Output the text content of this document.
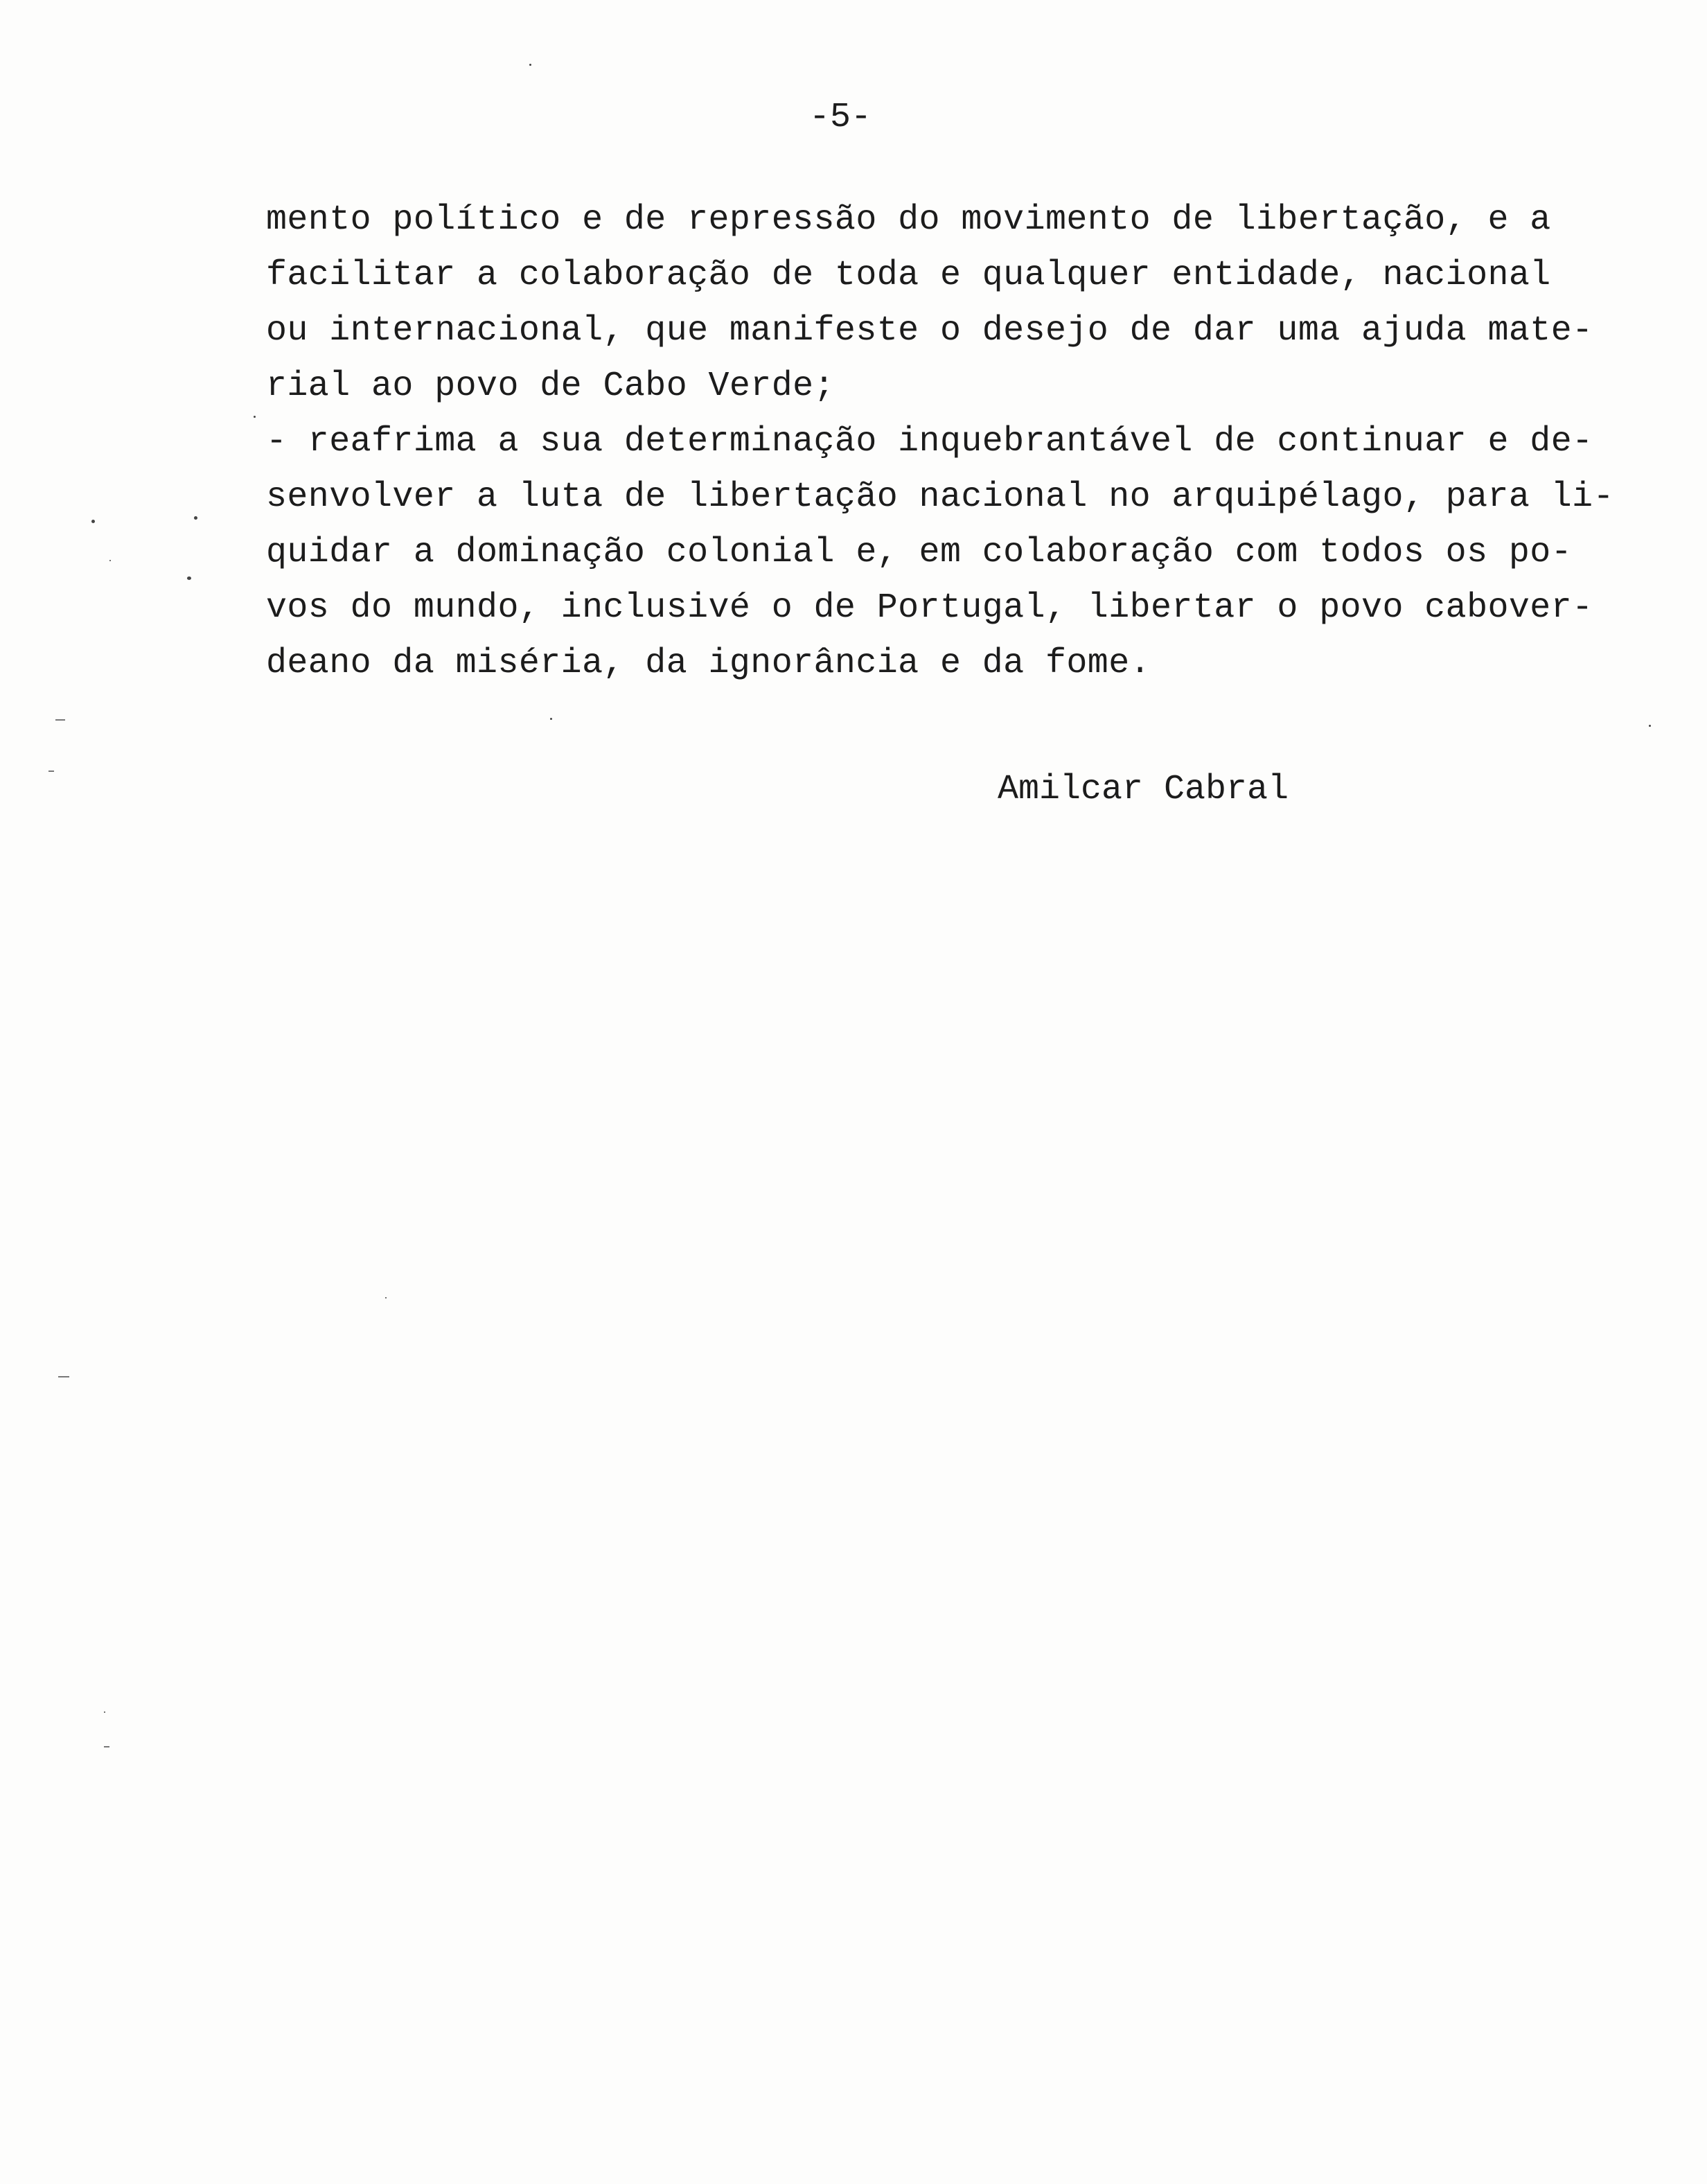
-5-
mento político e de repressão do movimento de libertação, e a
facilitar a colaboração de toda e qualquer entidade, nacional
ou internacional, que manifeste o desejo de dar uma ajuda mate-
rial ao povo de Cabo Verde;
- reafrima a sua determinação inquebrantável de continuar e de-
senvolver a luta de libertação nacional no arquipélago, para li-
quidar a dominação colonial e, em colaboração com todos os po-
vos do mundo, inclusivé o de Portugal, libertar o povo cabover-
deano da miséria, da ignorância e da fome.
Amilcar Cabral
